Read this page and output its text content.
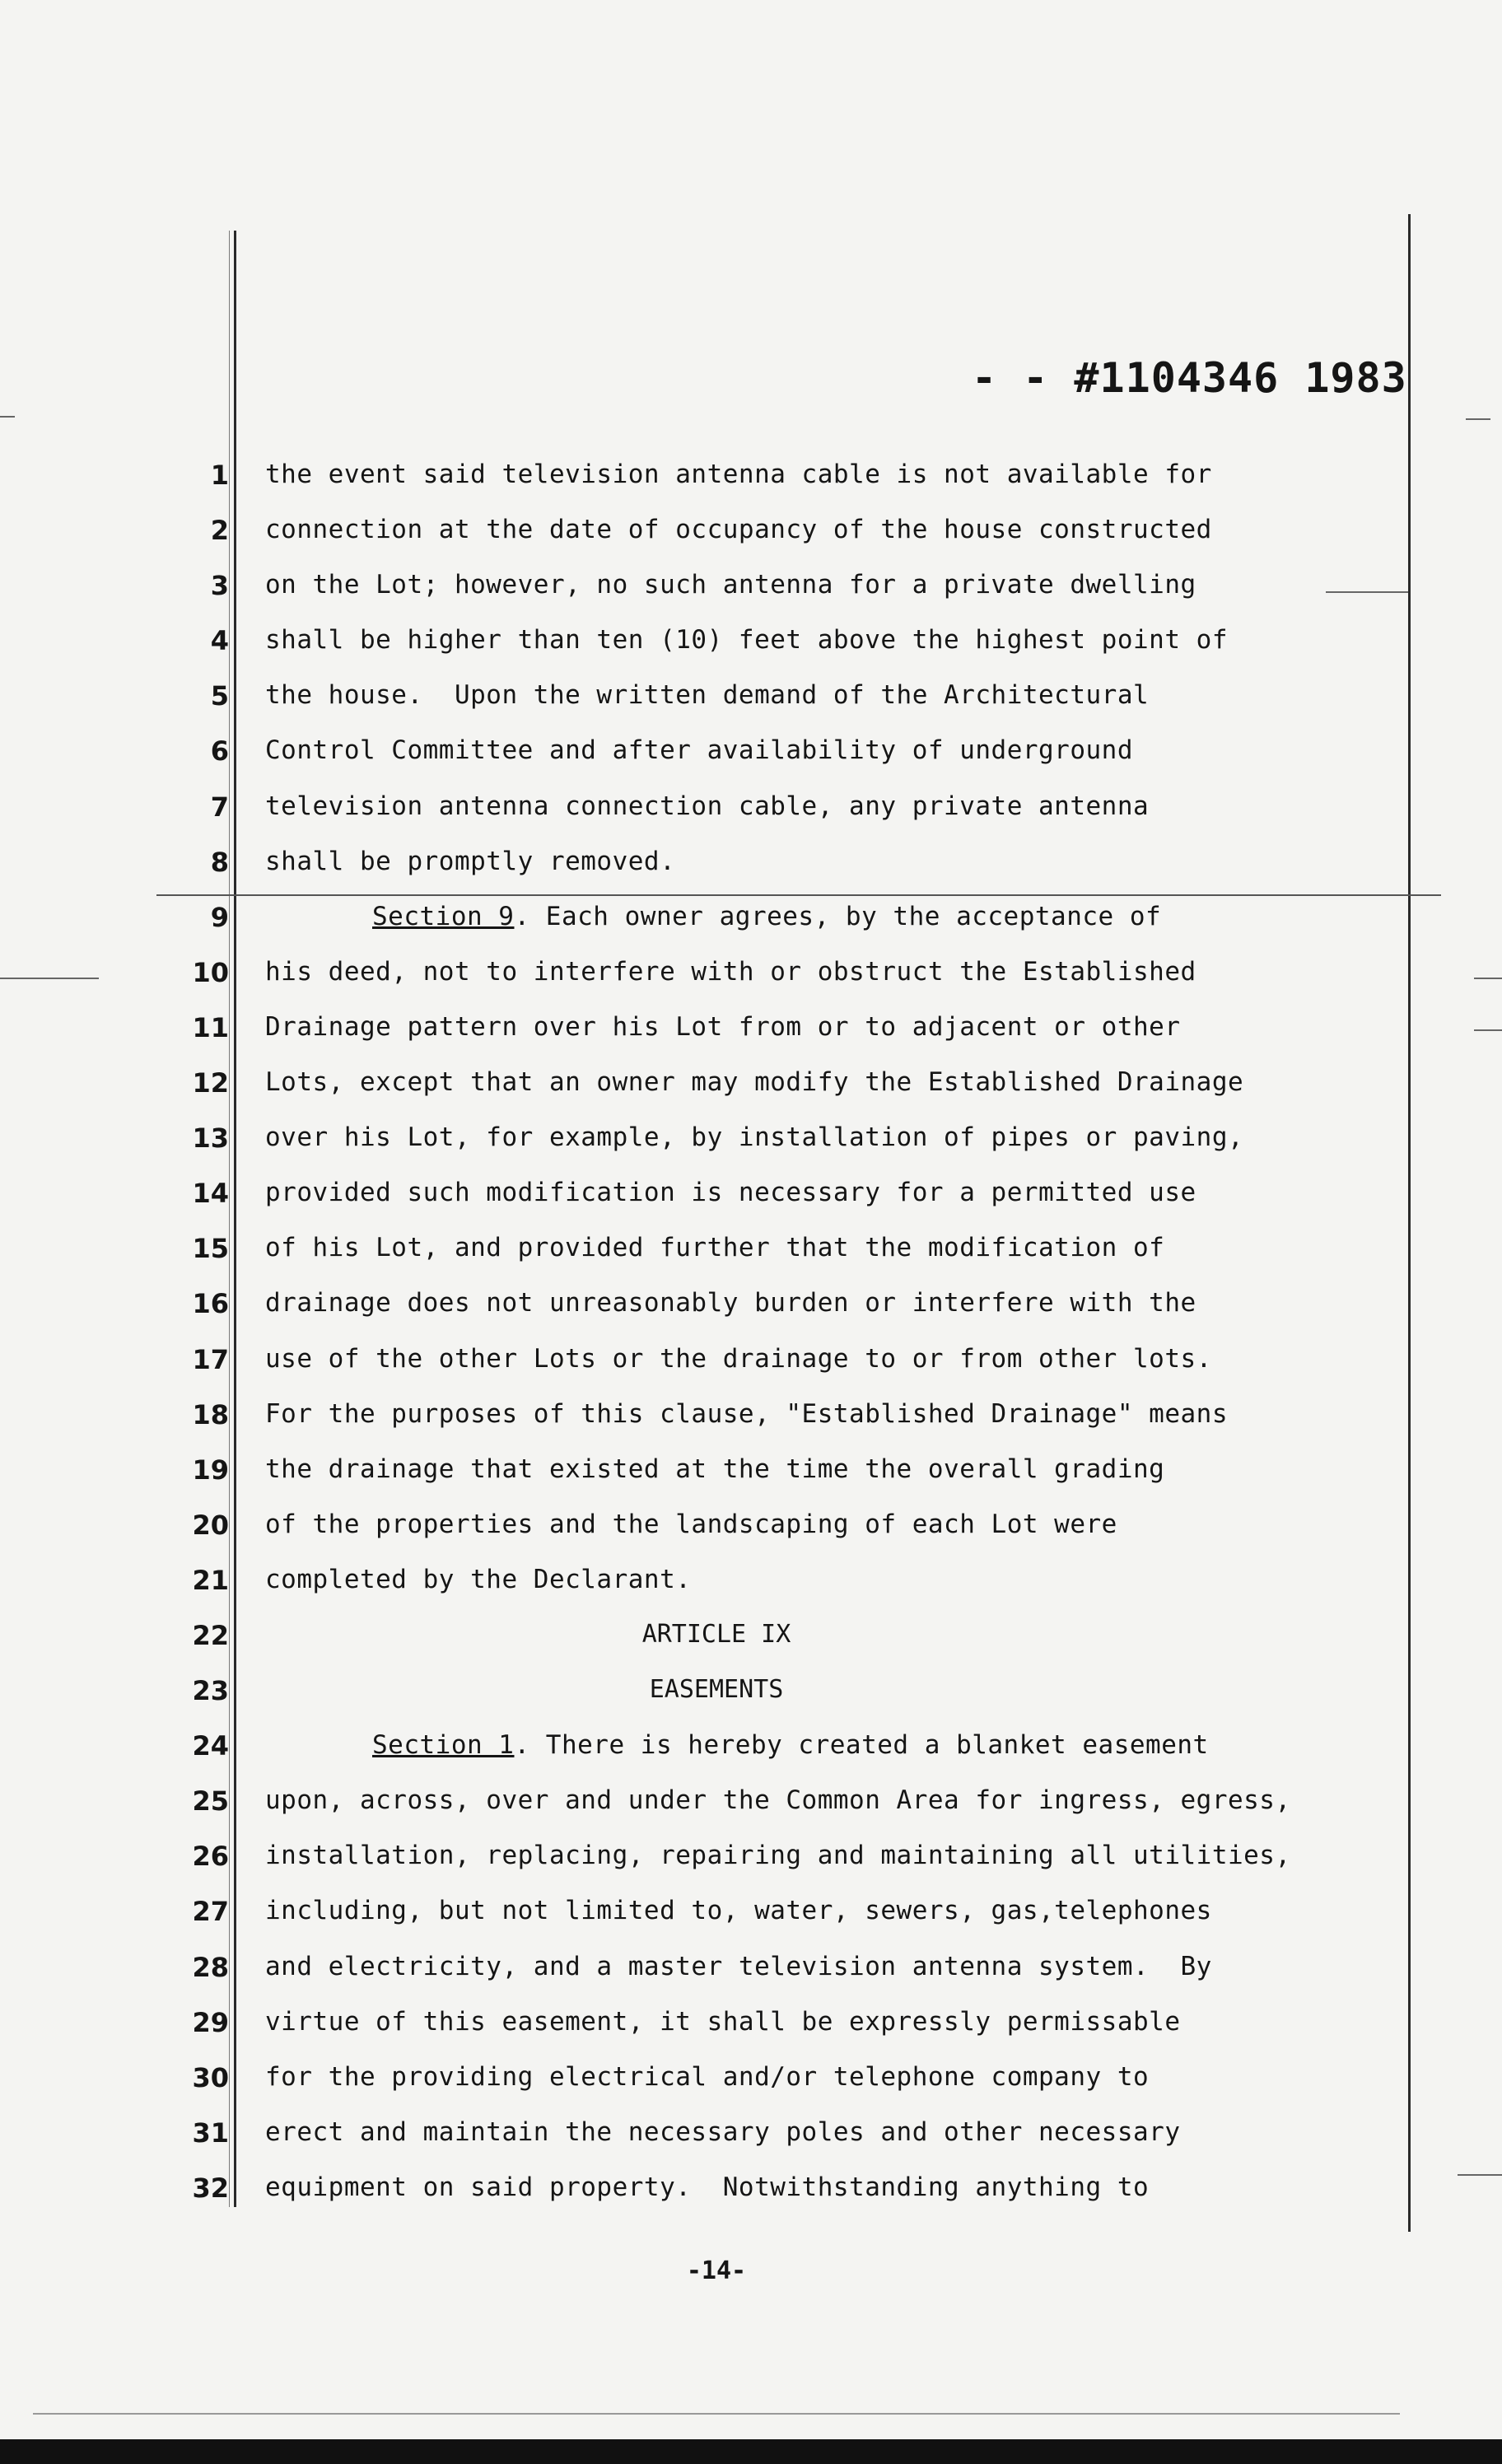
- - #1104346 1983
1 the event said television antenna cable is not available for
2 connection at the date of occupancy of the house constructed
3 on the Lot; however, no such antenna for a private dwelling
4 shall be higher than ten (10) feet above the highest point of
5 the house.  Upon the written demand of the Architectural
6 Control Committee and after availability of underground
7 television antenna connection cable, any private antenna
8 shall be promptly removed.
9	Section 9. Each owner agrees, by the acceptance of
10 his deed, not to interfere with or obstruct the Established
11 Drainage pattern over his Lot from or to adjacent or other
12 Lots, except that an owner may modify the Established Drainage
13 over his Lot, for example, by installation of pipes or paving,
14 provided such modification is necessary for a permitted use
15 of his Lot, and provided further that the modification of
16 drainage does not unreasonably burden or interfere with the
17 use of the other Lots or the drainage to or from other lots.
18 For the purposes of this clause, "Established Drainage" means
19 the drainage that existed at the time the overall grading
20 of the properties and the landscaping of each Lot were
21 completed by the Declarant.
22	ARTICLE IX
23	EASEMENTS
24	Section 1. There is hereby created a blanket easement
25 upon, across, over and under the Common Area for ingress, egress,
26 installation, replacing, repairing and maintaining all utilities,
27 including, but not limited to, water, sewers, gas,telephones
28 and electricity, and a master television antenna system.  By
29 virtue of this easement, it shall be expressly permissable
30 for the providing electrical and/or telephone company to
31 erect and maintain the necessary poles and other necessary
32 equipment on said property.  Notwithstanding anything to
-14-
